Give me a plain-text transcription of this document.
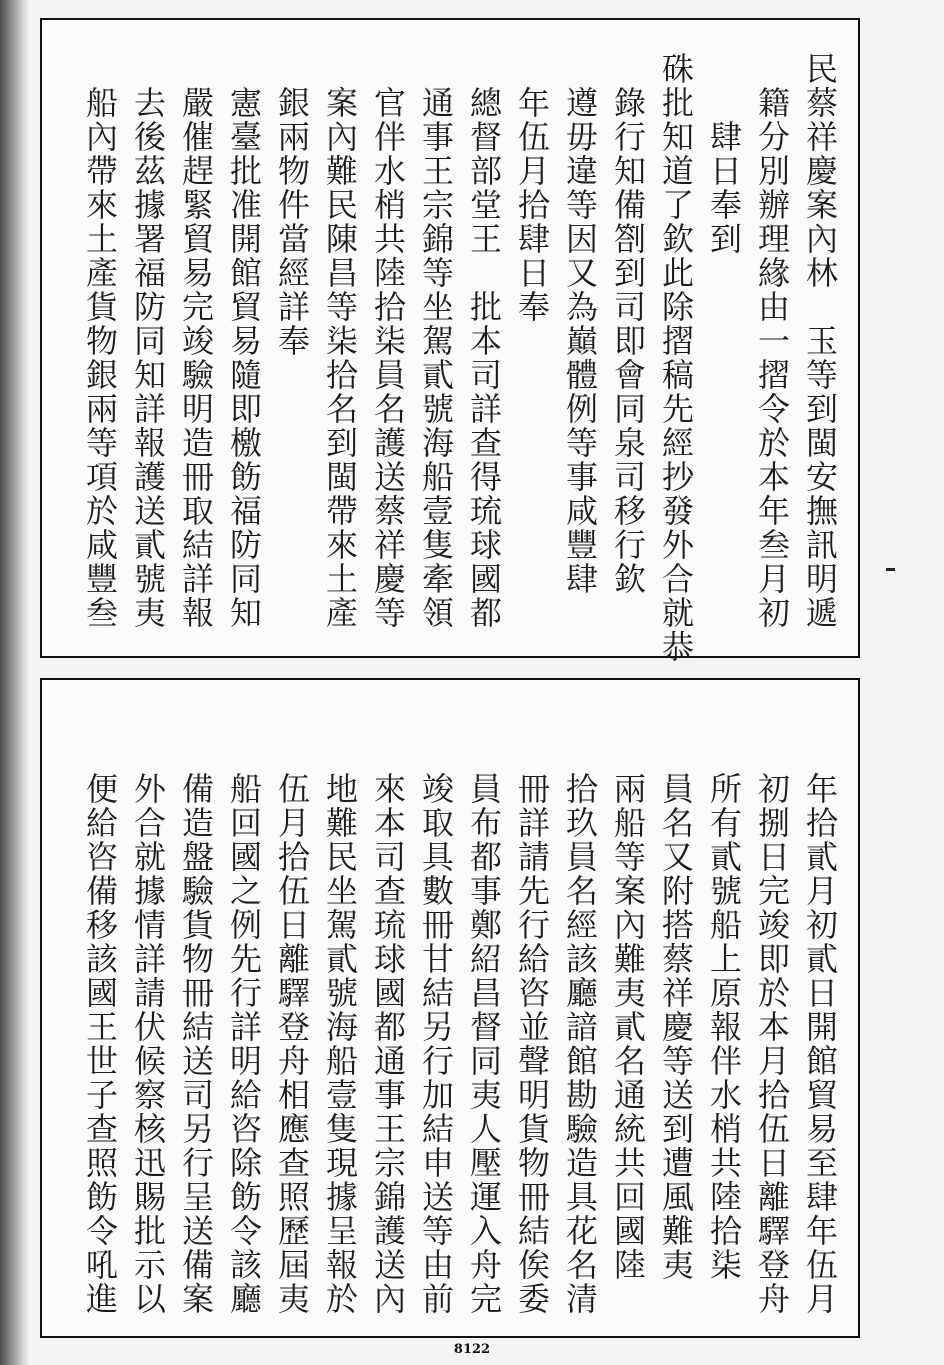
民蔡祥慶案內林　玉等到閩安撫訊明遞
　籍分別辦理緣由一摺令於本年叁月初
　　肆日奉到
硃批知道了欽此除摺稿先經抄發外合就恭
　錄行知備劄到司即會同泉司移行欽
　遵毋違等因又為巔體例等事咸豐肆
　年伍月拾肆日奉
　總督部堂王　批本司詳查得琉球國都
　通事王宗錦等坐駕貳號海船壹隻牽領
　官伴水梢共陸拾柒員名護送蔡祥慶等
　案內難民陳昌等柒拾名到閩帶來土產
　銀兩物件當經詳奉
　憲臺批准開館貿易隨即檄飭福防同知
　嚴催趕緊貿易完竣驗明造冊取結詳報
　去後茲據署福防同知詳報護送貳號夷
　船內帶來土產貨物銀兩等項於咸豐叁
　年拾貳月初貳日開館貿易至肆年伍月
　初捌日完竣即於本月拾伍日離驛登舟
　所有貳號船上原報伴水梢共陸拾柒
　員名又附搭蔡祥慶等送到遭風難夷
　兩船等案內難夷貳名通統共回國陸
　拾玖員名經該廳諳館勘驗造具花名清
　冊詳請先行給咨並聲明貨物冊結俟委
　員布都事鄭紹昌督同夷人壓運入舟完
　竣取具數冊甘結另行加結申送等由前
　來本司查琉球國都通事王宗錦護送內
　地難民坐駕貳號海船壹隻現據呈報於
　伍月拾伍日離驛登舟相應查照歷屆夷
　船回國之例先行詳明給咨除飭令該廳
　備造盤驗貨物冊結送司另行呈送備案
　外合就據情詳請伏候察核迅賜批示以
　便給咨備移該國王世子查照飭令吼進
8122
